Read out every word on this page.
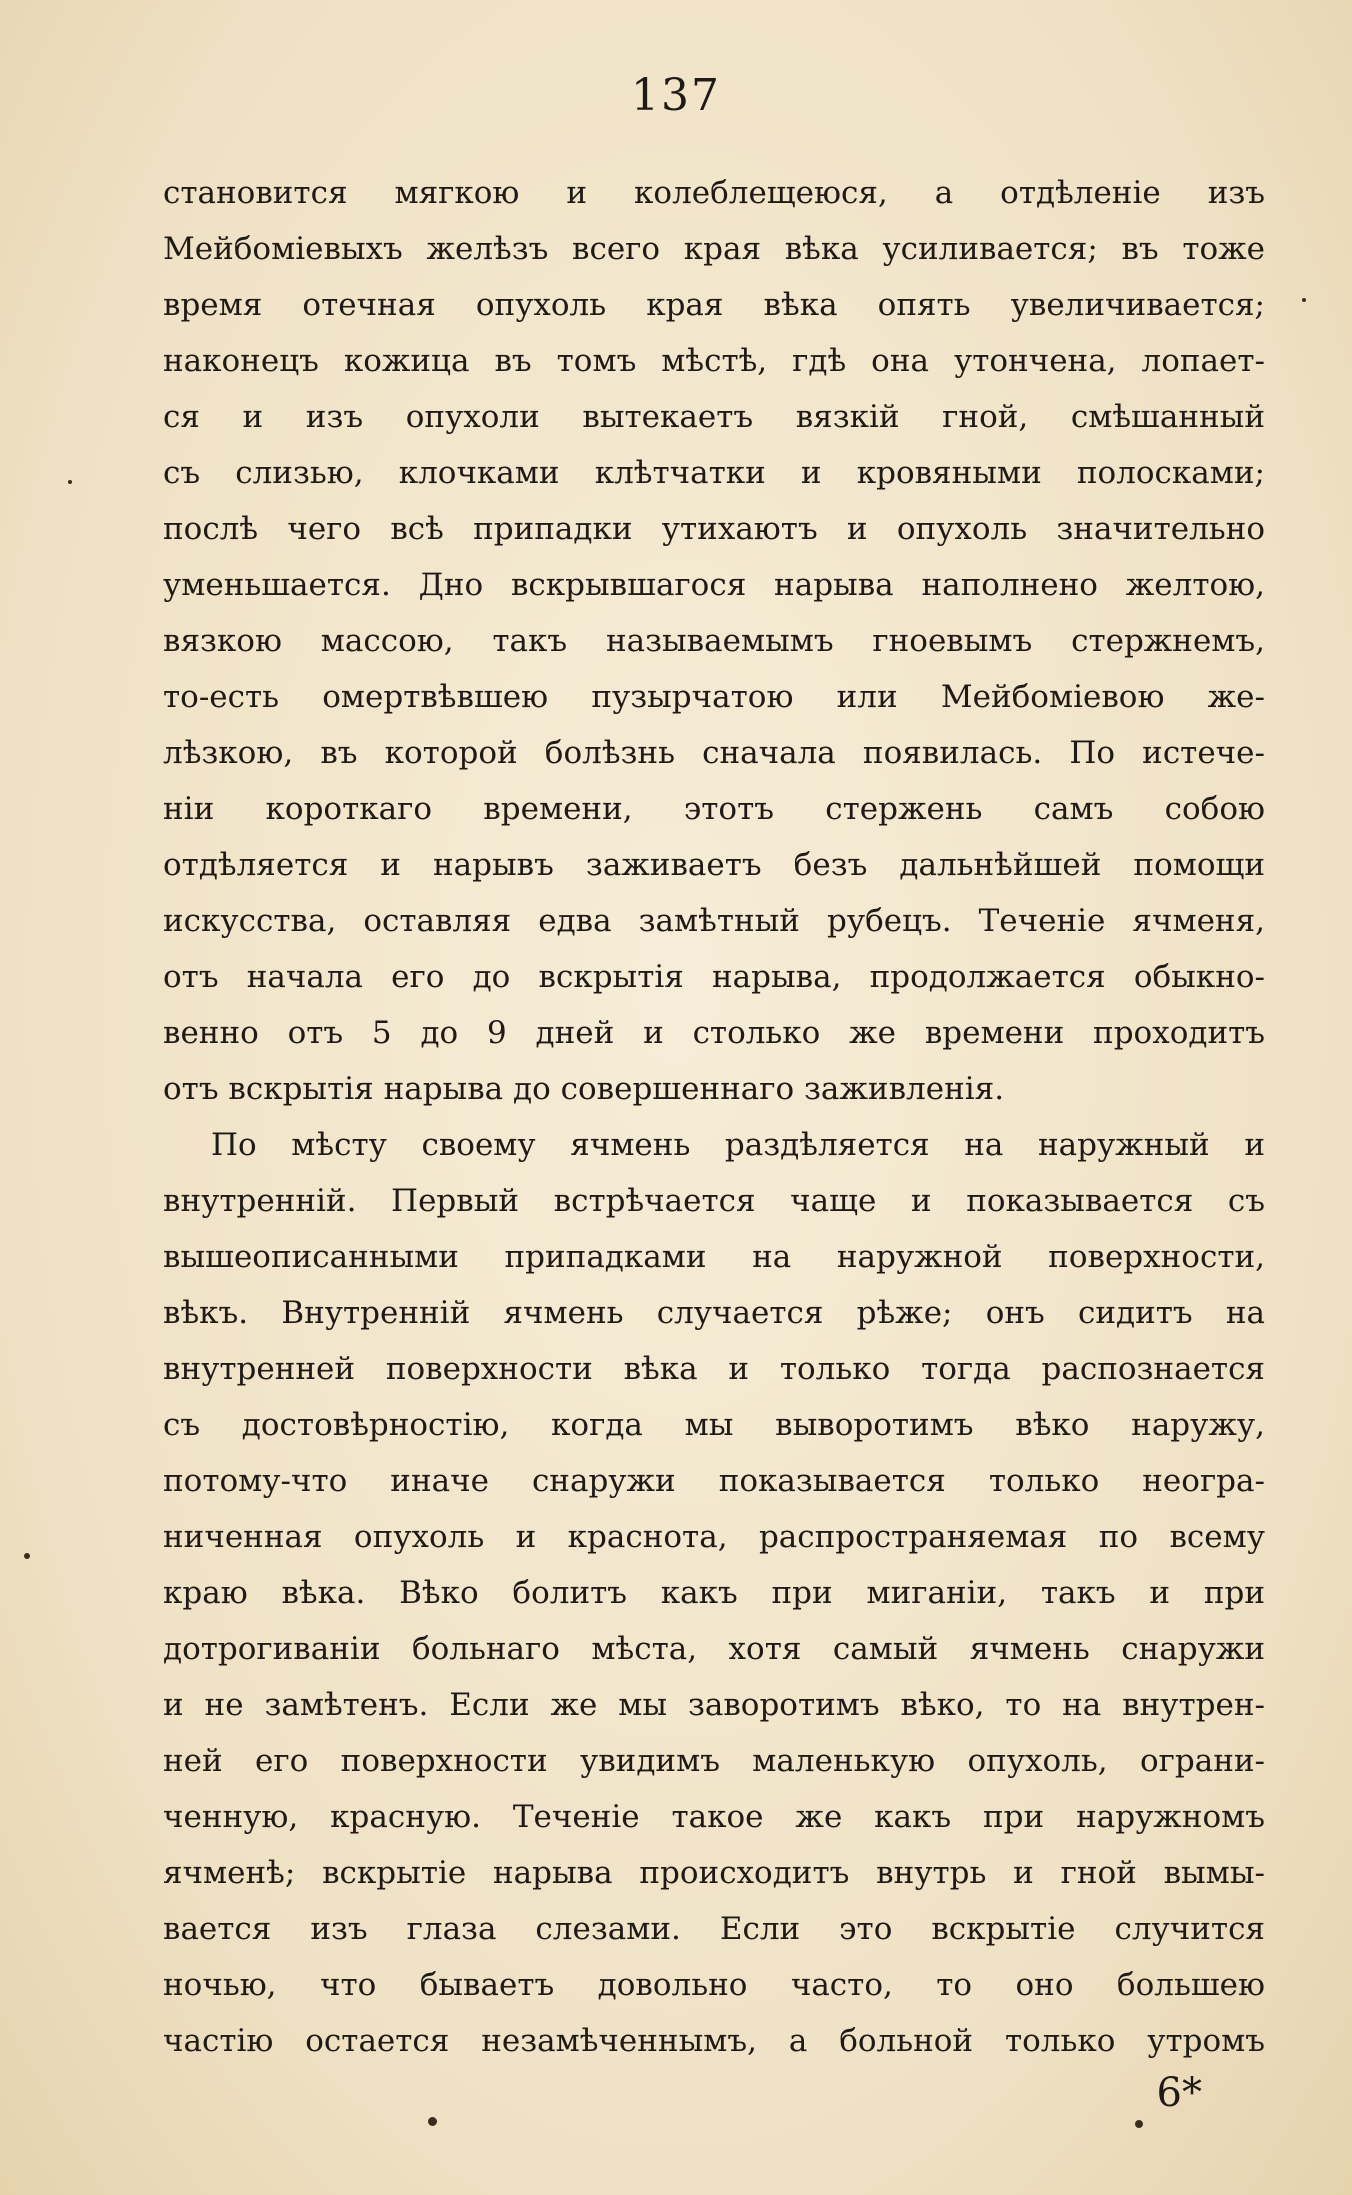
137
становится мягкою и колеблещеюся, а отдѣленіе изъ
Мейбоміевыхъ желѣзъ всего края вѣка усиливается; въ тоже
время отечная опухоль края вѣка опять увеличивается;
наконецъ кожица въ томъ мѣстѣ, гдѣ она утончена, лопает-
ся и изъ опухоли вытекаетъ вязкій гной, смѣшанный
съ слизью, клочками клѣтчатки и кровяными полосками;
послѣ чего всѣ припадки утихаютъ и опухоль значительно
уменьшается. Дно вскрывшагося нарыва наполнено желтою,
вязкою массою, такъ называемымъ гноевымъ стержнемъ,
то-есть омертвѣвшею пузырчатою или Мейбоміевою же-
лѣзкою, въ которой болѣзнь сначала появилась. По истече-
ніи короткаго времени, этотъ стержень самъ собою
отдѣляется и нарывъ заживаетъ безъ дальнѣйшей помощи
искусства, оставляя едва замѣтный рубецъ. Теченіе ячменя,
отъ начала его до вскрытія нарыва, продолжается обыкно-
венно отъ 5 до 9 дней и столько же времени проходитъ
отъ вскрытія нарыва до совершеннаго заживленія.
По мѣсту своему ячмень раздѣляется на наружный и
внутренній. Первый встрѣчается чаще и показывается съ
вышеописанными припадками на наружной поверхности,
вѣкъ. Внутренній ячмень случается рѣже; онъ сидитъ на
внутренней поверхности вѣка и только тогда распознается
съ достовѣрностію, когда мы выворотимъ вѣко наружу,
потому-что иначе снаружи показывается только неогра-
ниченная опухоль и краснота, распространяемая по всему
краю вѣка. Вѣко болитъ какъ при миганіи, такъ и при
дотрогиваніи больнаго мѣста, хотя самый ячмень снаружи
и не замѣтенъ. Если же мы заворотимъ вѣко, то на внутрен-
ней его поверхности увидимъ маленькую опухоль, ограни-
ченную, красную. Теченіе такое же какъ при наружномъ
ячменѣ; вскрытіе нарыва происходитъ внутрь и гной вымы-
вается изъ глаза слезами. Если это вскрытіе случится
ночью, что бываетъ довольно часто, то оно большею
частію остается незамѣченнымъ, а больной только утромъ
6*
